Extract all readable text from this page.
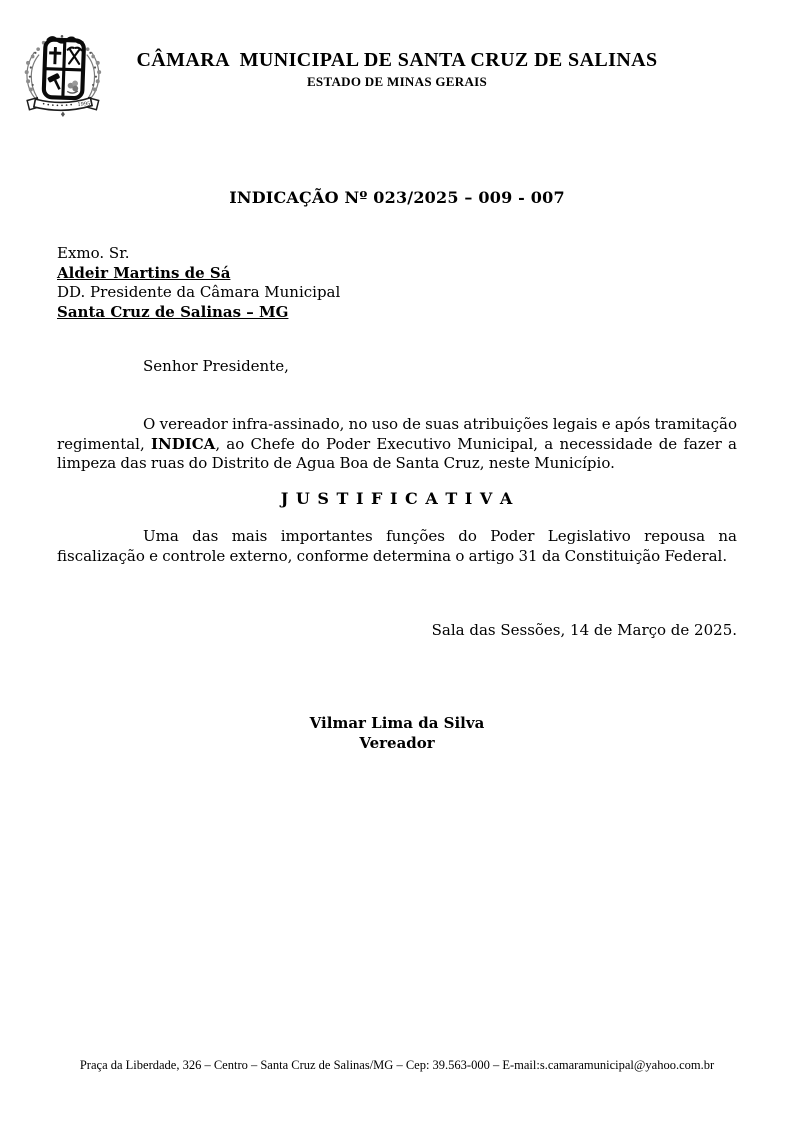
1995
CÂMARA  MUNICIPAL DE SANTA CRUZ DE SALINAS
ESTADO DE MINAS GERAIS
INDICAÇÃO Nº 023/2025 – 009 - 007
Exmo. Sr.
Aldeir Martins de Sá
DD. Presidente da Câmara Municipal
Santa Cruz de Salinas – MG
Senhor Presidente,

O vereador infra-assinado, no uso de suas atribuições legais e após tramitação regimental, INDICA, ao Chefe do Poder Executivo Municipal, a necessidade de fazer a limpeza das ruas do Distrito de Agua Boa de Santa Cruz, neste Município.

J U S T I F I C A T I V A

Uma das mais importantes funções do Poder Legislativo repousa na fiscalização e controle externo, conforme determina o artigo 31 da Constituição Federal.

Sala das Sessões, 14 de Março de 2025.
Vilmar Lima da Silva
Vereador
Praça da Liberdade, 326 – Centro – Santa Cruz de Salinas/MG – Cep: 39.563-000 – E-mail:s.camaramunicipal@yahoo.com.br
